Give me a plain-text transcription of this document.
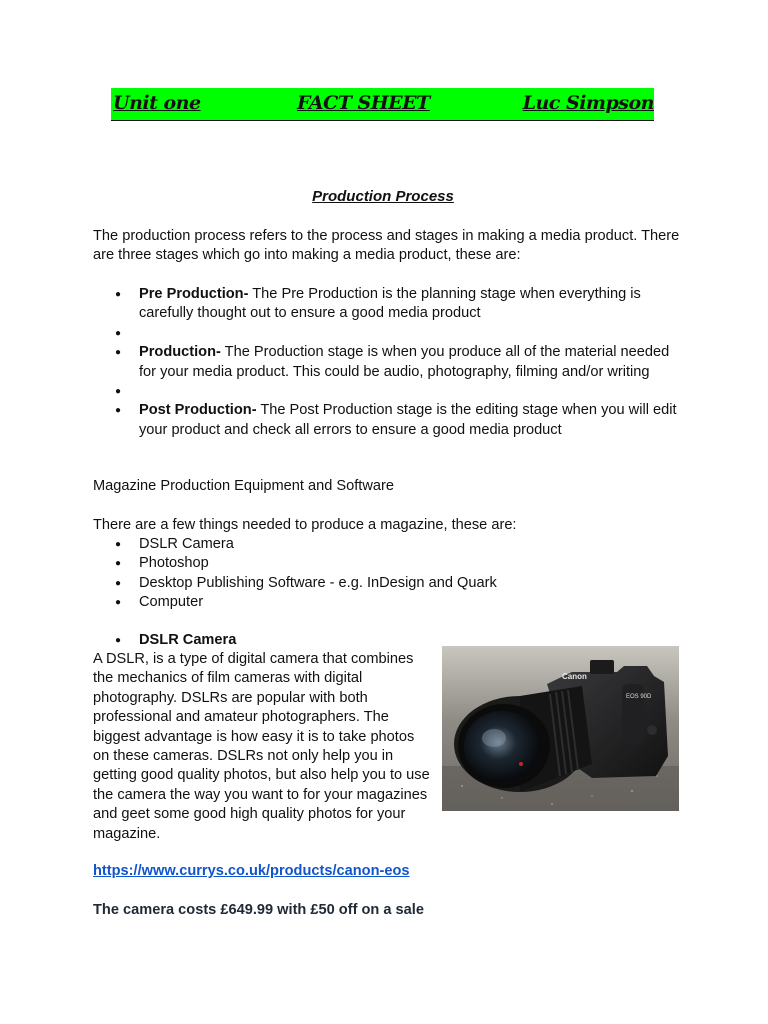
Unit one	FACT SHEET	Luc Simpson
Production Process
The production process refers to the process and stages in making a media product. There are three stages which go into making a media product, these are:
● Pre Production- The Pre Production is the planning stage when everything is carefully thought out to ensure a good media product
●
● Production- The Production stage is when you produce all of the material needed for your media product. This could be audio, photography, filming and/or writing
●
● Post Production- The Post Production stage is the editing stage when you will edit your product and check all errors to ensure a good media product
Magazine Production Equipment and Software
There are a few things needed to produce a magazine, these are:
● DSLR Camera
● Photoshop
● Desktop Publishing Software - e.g. InDesign and Quark
● Computer
● DSLR Camera
A DSLR, is a type of digital camera that combines the mechanics of film cameras with digital photography. DSLRs are popular with both professional and amateur photographers. The biggest advantage is how easy it is to take photos on these cameras. DSLRs not only help you in getting good quality photos, but also help you to use the camera the way you want to for your magazines and geet some good high quality photos for your magazine.
Canon
EOS 90D
https://www.currys.co.uk/products/canon-eos
The camera costs £649.99 with £50 off on a sale
